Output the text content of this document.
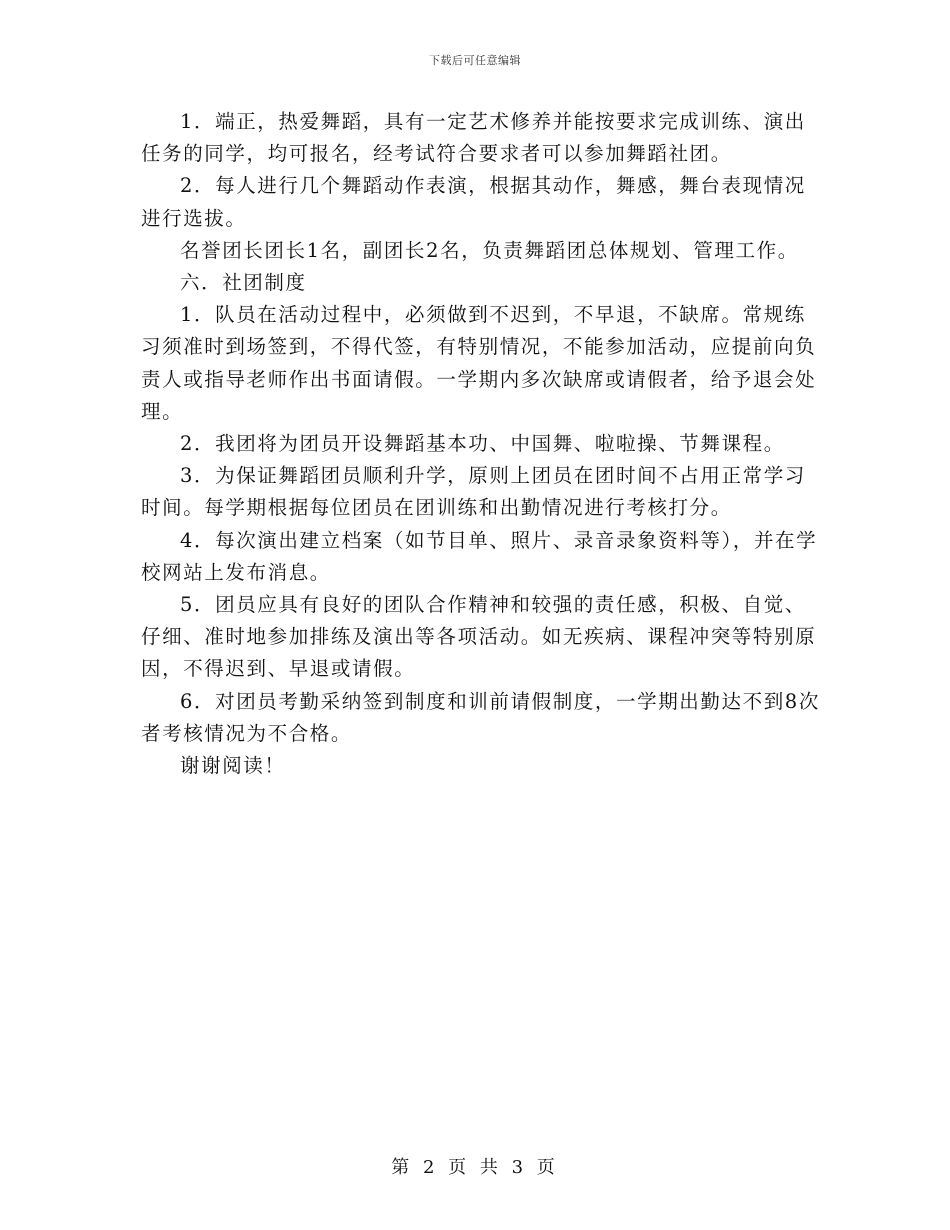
下载后可任意编辑

1．端正，热爱舞蹈，具有一定艺术修养并能按要求完成训练、演出任务的同学，均可报名，经考试符合要求者可以参加舞蹈社团。

2．每人进行几个舞蹈动作表演，根据其动作，舞感，舞台表现情况进行选拔。

名誉团长团长1名，副团长2名，负责舞蹈团总体规划、管理工作。

六．社团制度

1．队员在活动过程中，必须做到不迟到，不早退，不缺席。常规练习须准时到场签到，不得代签，有特别情况，不能参加活动，应提前向负责人或指导老师作出书面请假。一学期内多次缺席或请假者，给予退会处理。

2．我团将为团员开设舞蹈基本功、中国舞、啦啦操、节舞课程。

3．为保证舞蹈团员顺利升学，原则上团员在团时间不占用正常学习时间。每学期根据每位团员在团训练和出勤情况进行考核打分。

4．每次演出建立档案（如节目单、照片、录音录象资料等），并在学校网站上发布消息。

5．团员应具有良好的团队合作精神和较强的责任感，积极、自觉、仔细、准时地参加排练及演出等各项活动。如无疾病、课程冲突等特别原因，不得迟到、早退或请假。

6．对团员考勤采纳签到制度和训前请假制度，一学期出勤达不到8次者考核情况为不合格。

谢谢阅读！

第 2 页 共 3 页
